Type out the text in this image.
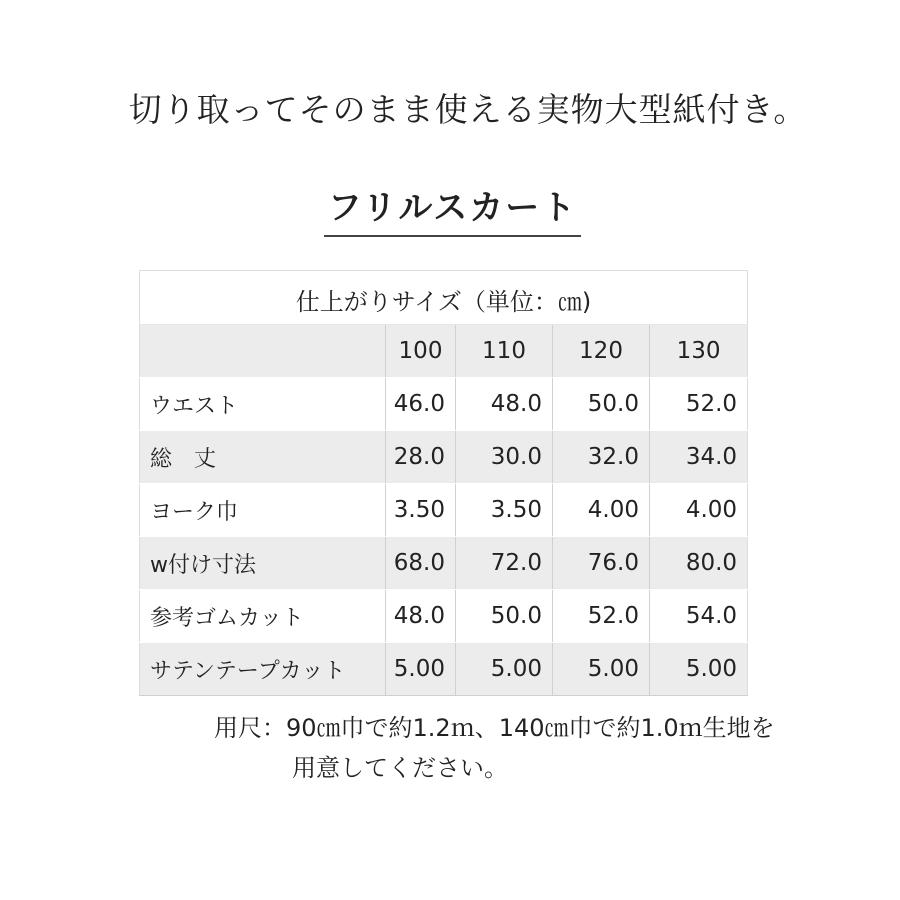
切り取ってそのまま使える実物大型紙付き。
フリルスカート
仕上がりサイズ（単位：㎝)				
	100	110	120	130
ウエスト	46.0	48.0	50.0	52.0
総　丈	28.0	30.0	32.0	34.0
ヨーク巾	3.50	3.50	4.00	4.00
w付け寸法	68.0	72.0	76.0	80.0
参考ゴムカット	48.0	50.0	52.0	54.0
サテンテープカット	5.00	5.00	5.00	5.00
用尺：90㎝巾で約1.2ｍ、140㎝巾で約1.0ｍ生地を
用意してください。
